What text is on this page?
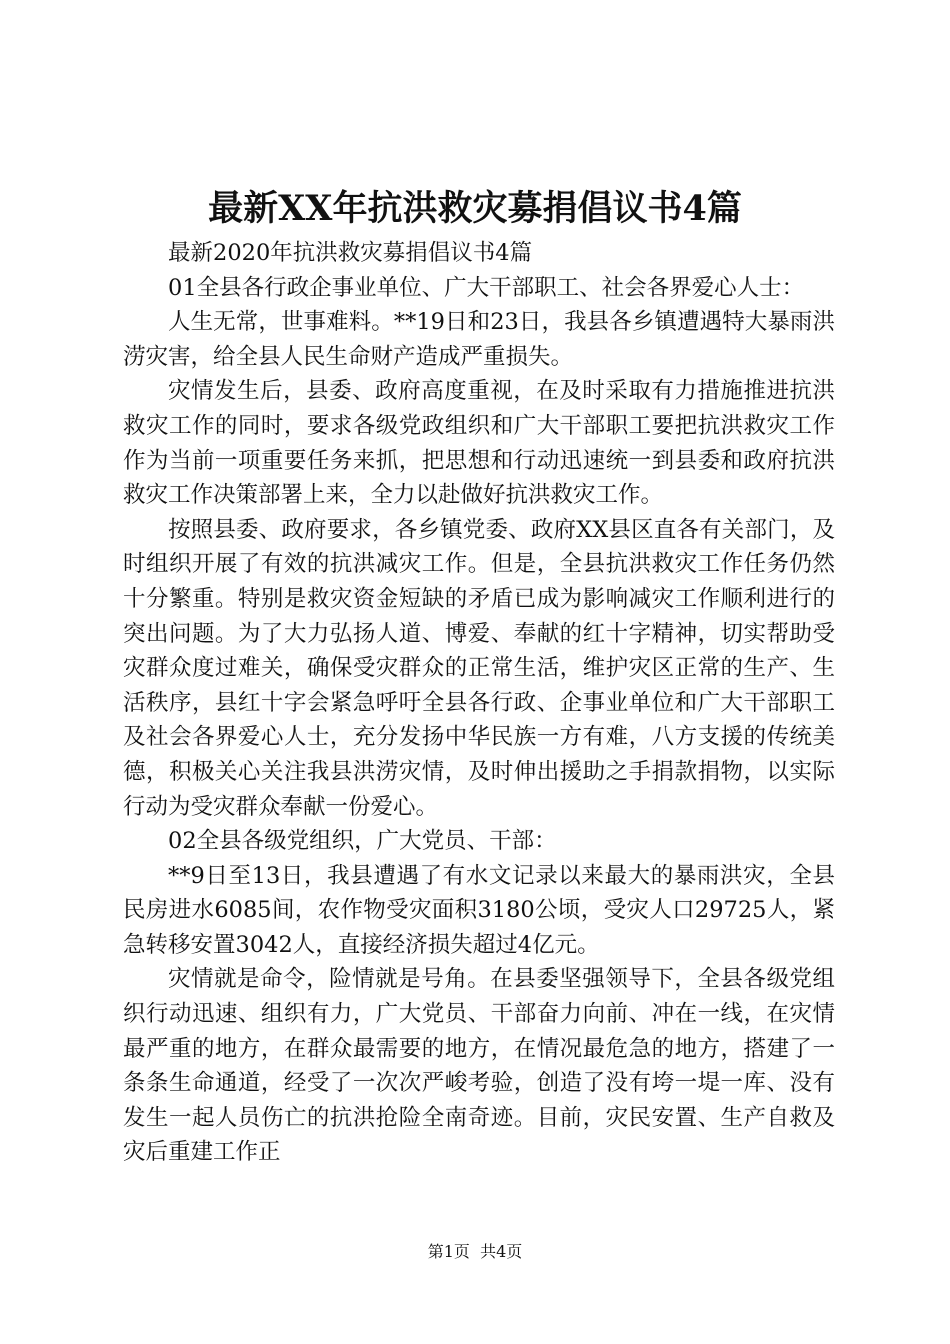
最新XX年抗洪救灾募捐倡议书4篇

最新2020年抗洪救灾募捐倡议书4篇

01全县各行政企事业单位、广大干部职工、社会各界爱心人士：

人生无常，世事难料。**19日和23日，我县各乡镇遭遇特大暴雨洪涝灾害，给全县人民生命财产造成严重损失。

灾情发生后，县委、政府高度重视，在及时采取有力措施推进抗洪救灾工作的同时，要求各级党政组织和广大干部职工要把抗洪救灾工作作为当前一项重要任务来抓，把思想和行动迅速统一到县委和政府抗洪救灾工作决策部署上来，全力以赴做好抗洪救灾工作。

按照县委、政府要求，各乡镇党委、政府XX县区直各有关部门，及时组织开展了有效的抗洪减灾工作。但是，全县抗洪救灾工作任务仍然十分繁重。特别是救灾资金短缺的矛盾已成为影响减灾工作顺利进行的突出问题。为了大力弘扬人道、博爱、奉献的红十字精神，切实帮助受灾群众度过难关，确保受灾群众的正常生活，维护灾区正常的生产、生活秩序，县红十字会紧急呼吁全县各行政、企事业单位和广大干部职工及社会各界爱心人士，充分发扬中华民族一方有难，八方支援的传统美德，积极关心关注我县洪涝灾情，及时伸出援助之手捐款捐物，以实际行动为受灾群众奉献一份爱心。

02全县各级党组织，广大党员、干部：

**9日至13日，我县遭遇了有水文记录以来最大的暴雨洪灾，全县民房进水6085间，农作物受灾面积3180公顷，受灾人口29725人，紧急转移安置3042人，直接经济损失超过4亿元。

灾情就是命令，险情就是号角。在县委坚强领导下，全县各级党组织行动迅速、组织有力，广大党员、干部奋力向前、冲在一线，在灾情最严重的地方，在群众最需要的地方，在情况最危急的地方，搭建了一条条生命通道，经受了一次次严峻考验，创造了没有垮一堤一库、没有发生一起人员伤亡的抗洪抢险全南奇迹。目前，灾民安置、生产自救及灾后重建工作正

第1页  共4页
